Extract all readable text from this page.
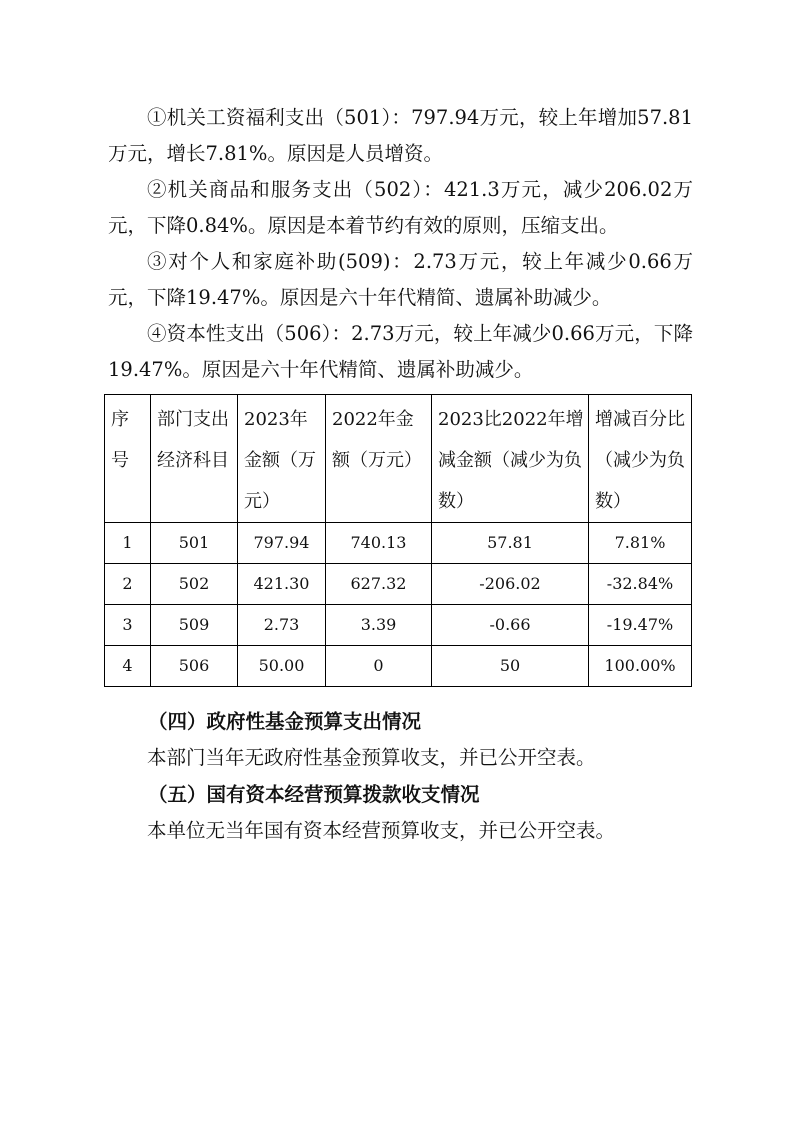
①机关工资福利支出（501）：797.94万元，较上年增加57.81万元，增长7.81%。原因是人员增资。

②机关商品和服务支出（502）：421.3万元，减少206.02万元，下降0.84%。原因是本着节约有效的原则，压缩支出。

③对个人和家庭补助(509)：2.73万元，较上年减少0.66万元，下降19.47%。原因是六十年代精简、遗属补助减少。

④资本性支出（506）：2.73万元，较上年减少0.66万元，下降19.47%。原因是六十年代精简、遗属补助减少。

序号	部门支出经济科目	2023年金额（万元）	2022年金额（万元）	2023比2022年增减金额（减少为负数）	增减百分比（减少为负数）
1	501	797.94	740.13	57.81	7.81%
2	502	421.30	627.32	-206.02	-32.84%
3	509	2.73	3.39	-0.66	-19.47%
4	506	50.00	0	50	100.00%

（四）政府性基金预算支出情况

本部门当年无政府性基金预算收支，并已公开空表。

（五）国有资本经营预算拨款收支情况

本单位无当年国有资本经营预算收支，并已公开空表。
